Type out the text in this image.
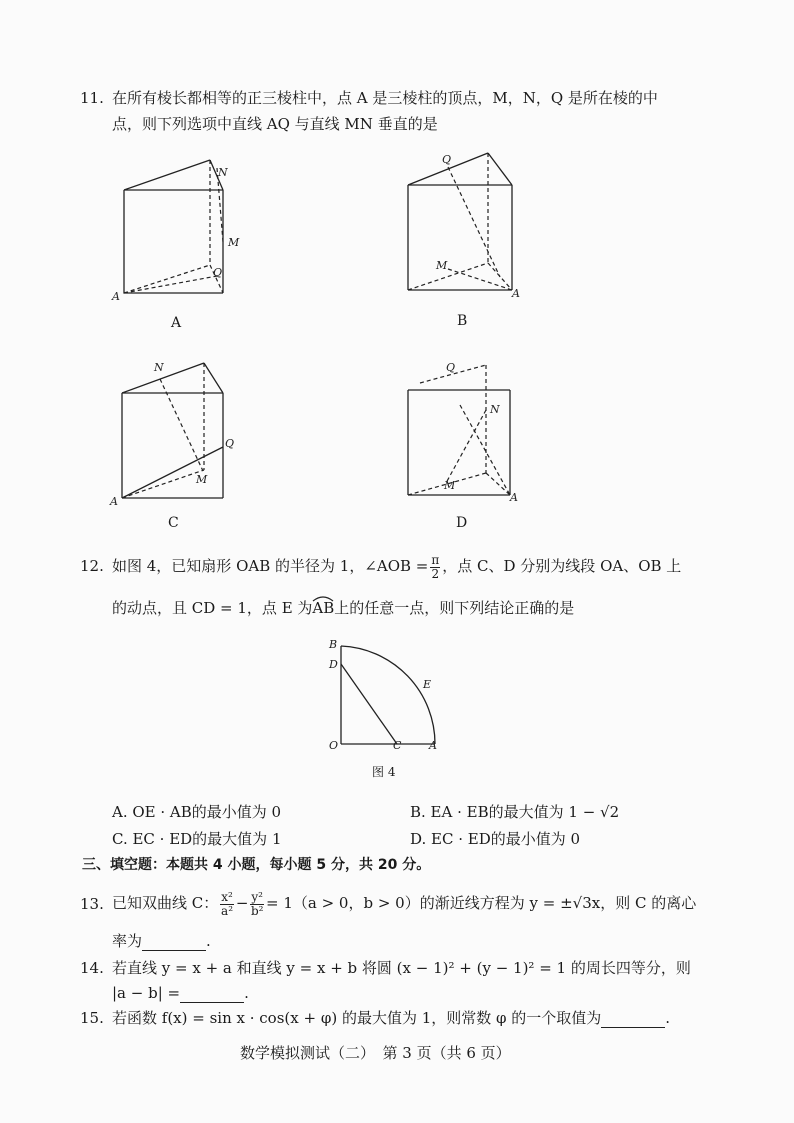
11. 在所有棱长都相等的正三棱柱中，点 A 是三棱柱的顶点，M，N，Q 是所在棱的中
点，则下列选项中直线 AQ 与直线 MN 垂直的是
N
M
Q
A
A
Q
M
A
B
N
Q
M
A
C
Q
N
M
A
D
12. 如图 4，已知扇形 OAB 的半径为 1，∠AOB = $\frac{\pi}{2}$ ，点 C、D 分别为线段 OA、OB 上
的动点，且 CD = 1，点 E 为AB
上的任意一点，则下列结论正确的是
B
D
E
O	C	A
图 4
A. OE · AB的最小值为 0	B. EA · EB的最大值为 1 − √2
C. EC · ED的最大值为 1	D. EC · ED的最小值为 0
三、填空题：本题共 4 小题，每小题 5 分，共 20 分。
13. 已知双曲线 C： $\frac{\text{x²}}{\text{a²}} - \frac{\text{y²}}{\text{b²}} = 1(a > 0$，b > 0）的渐近线方程为 y = ±√3x，则 C 的离心
率为	.
14. 若直线 y = x + a 和直线 y = x + b 将圆 (x − 1)² + (y − 1)² = 1 的周长四等分，则
|a − b| =	.
15. 若函数 f(x) = sin x · cos(x + φ) 的最大值为 1，则常数 φ 的一个取值为	.
数学模拟测试（二）　第 3 页（共 6 页）
